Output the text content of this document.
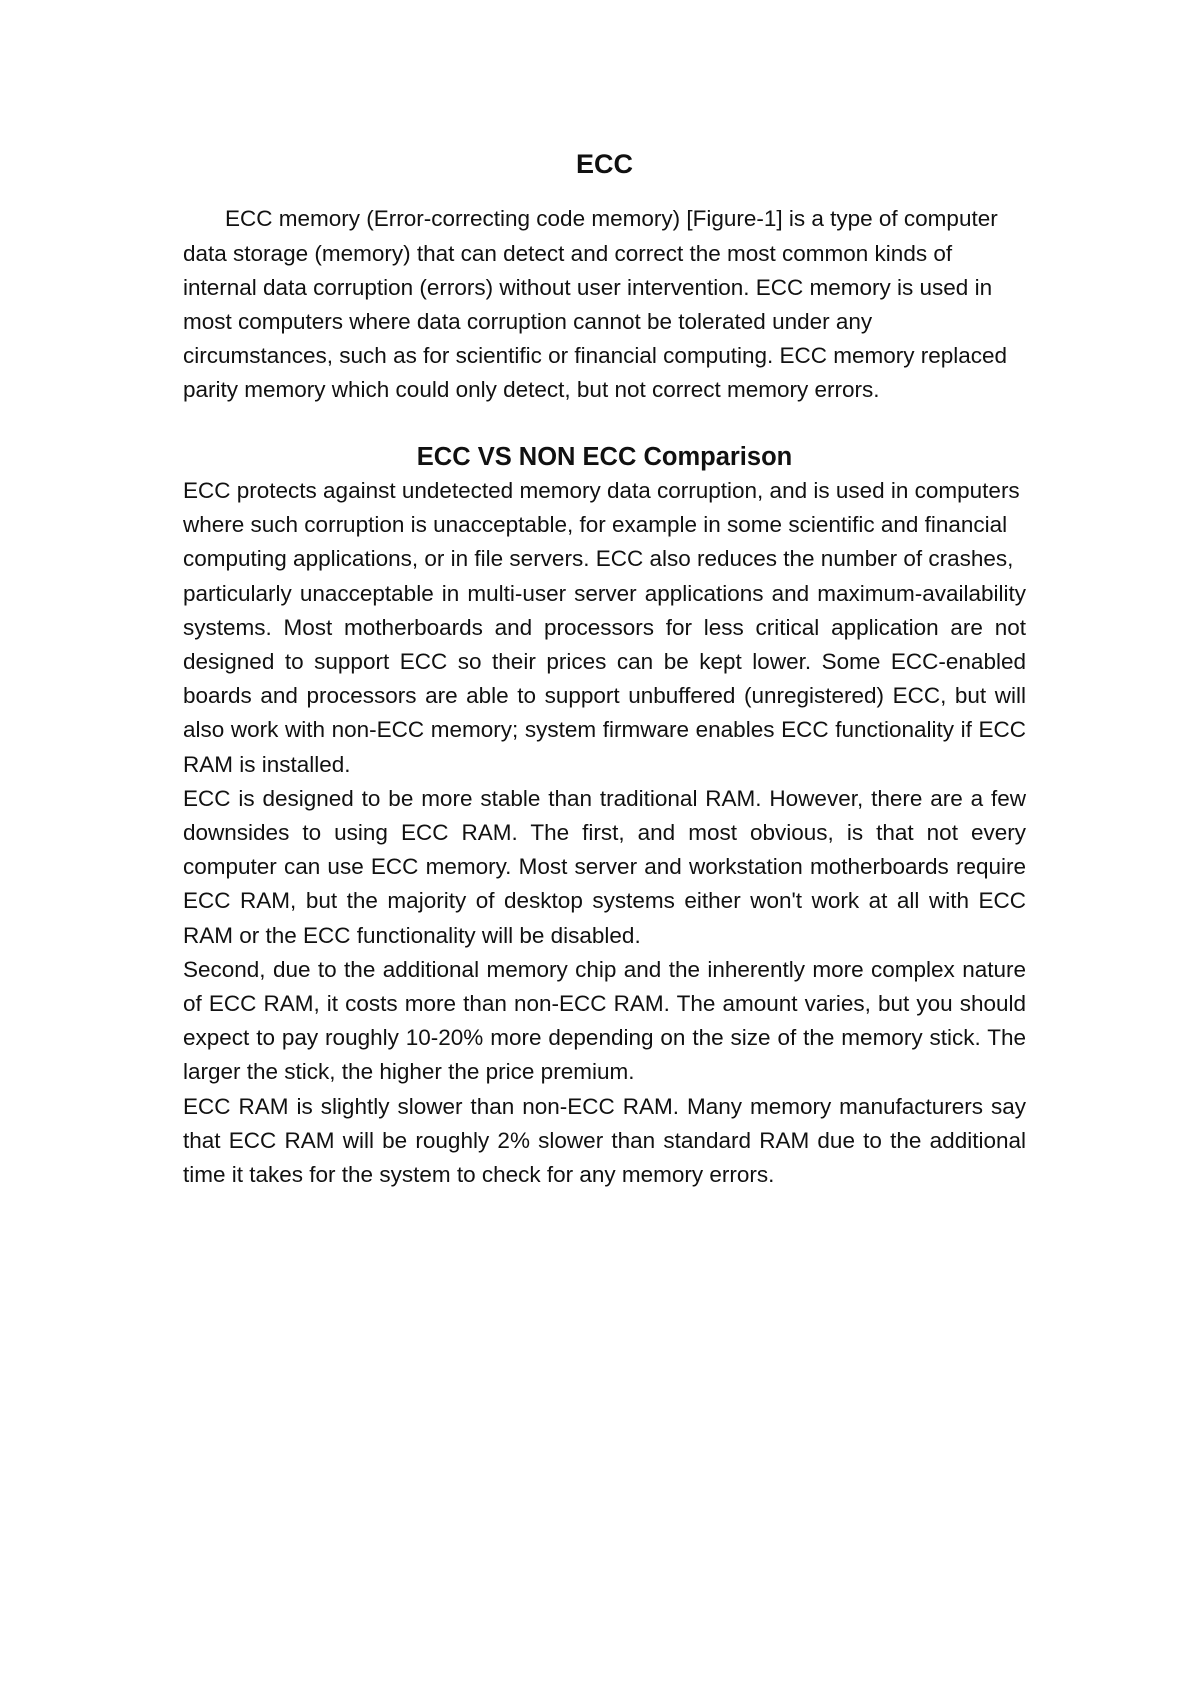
ECC

ECC memory (Error-correcting code memory) [Figure-1] is a type of computer data storage (memory) that can detect and correct the most common kinds of internal data corruption (errors) without user intervention. ECC memory is used in most computers where data corruption cannot be tolerated under any circumstances, such as for scientific or financial computing. ECC memory replaced parity memory which could only detect, but not correct memory errors.

ECC VS NON ECC Comparison

ECC protects against undetected memory data corruption, and is used in computers where such corruption is unacceptable, for example in some scientific and financial computing applications, or in file servers. ECC also reduces the number of crashes,

particularly unacceptable in multi-user server applications and maximum-availability systems. Most motherboards and processors for less critical application are not designed to support ECC so their prices can be kept lower. Some ECC-enabled boards and processors are able to support unbuffered (unregistered) ECC, but will also work with non-ECC memory; system firmware enables ECC functionality if ECC RAM is installed.

ECC is designed to be more stable than traditional RAM. However, there are a few downsides to using ECC RAM. The first, and most obvious, is that not every computer can use ECC memory. Most server and workstation motherboards require ECC RAM, but the majority of desktop systems either won't work at all with ECC RAM or the ECC functionality will be disabled.

Second, due to the additional memory chip and the inherently more complex nature of ECC RAM, it costs more than non-ECC RAM. The amount varies, but you should expect to pay roughly 10-20% more depending on the size of the memory stick. The larger the stick, the higher the price premium.

ECC RAM is slightly slower than non-ECC RAM. Many memory manufacturers say that ECC RAM will be roughly 2% slower than standard RAM due to the additional time it takes for the system to check for any memory errors.
